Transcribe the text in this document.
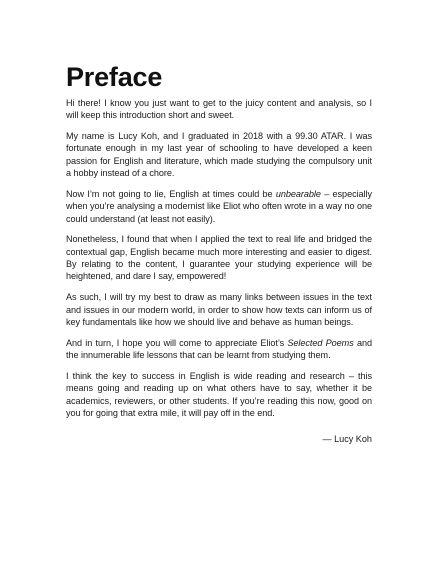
Preface

Hi there! I know you just want to get to the juicy content and analysis, so I will keep this introduction short and sweet.

My name is Lucy Koh, and I graduated in 2018 with a 99.30 ATAR. I was fortunate enough in my last year of schooling to have developed a keen passion for English and literature, which made studying the compulsory unit a hobby instead of a chore.

Now I’m not going to lie, English at times could be unbearable – especially when you’re analysing a modernist like Eliot who often wrote in a way no one could understand (at least not easily).

Nonetheless, I found that when I applied the text to real life and bridged the contextual gap, English became much more interesting and easier to digest. By relating to the content, I guarantee your studying experience will be heightened, and dare I say, empowered!

As such, I will try my best to draw as many links between issues in the text and issues in our modern world, in order to show how texts can inform us of key fundamentals like how we should live and behave as human beings.

And in turn, I hope you will come to appreciate Eliot’s Selected Poems and the innumerable life lessons that can be learnt from studying them.

I think the key to success in English is wide reading and research – this means going and reading up on what others have to say, whether it be academics, reviewers, or other students. If you’re reading this now, good on you for going that extra mile, it will pay off in the end.

— Lucy Koh
